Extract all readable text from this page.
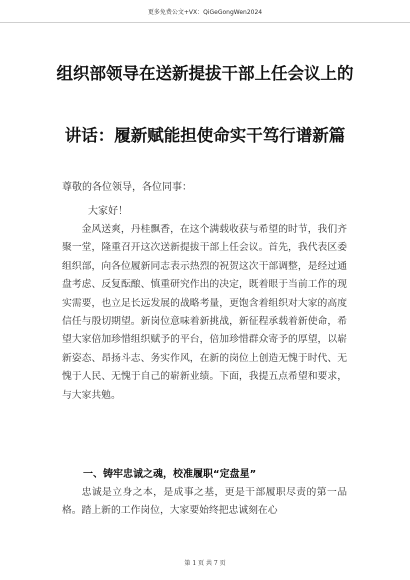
更多免费公文+VX：QiGeGongWen2024
组织部领导在送新提拔干部上任会议上的
讲话：履新赋能担使命实干笃行谱新篇
尊敬的各位领导，各位同事：
大家好！

金风送爽，丹桂飘香，在这个满载收获与希望的时节，我们齐聚一堂，隆重召开这次送新提拔干部上任会议。首先，我代表区委组织部，向各位履新同志表示热烈的祝贺这次干部调整，是经过通盘考虑、反复酝酿、慎重研究作出的决定，既着眼于当前工作的现实需要，也立足长远发展的战略考量，更饱含着组织对大家的高度信任与殷切期望。新岗位意味着新挑战，新征程承载着新使命，希望大家倍加珍惜组织赋予的平台，倍加珍惜群众寄予的厚望，以崭新姿态、昂扬斗志、务实作风，在新的岗位上创造无愧于时代、无愧于人民、无愧于自己的崭新业绩。下面，我提五点希望和要求，与大家共勉。

一、铸牢忠诚之魂，校准履职“定盘星”

忠诚是立身之本，是成事之基，更是干部履职尽责的第一品格。踏上新的工作岗位，大家要始终把忠诚刻在心

第 1 页 共 7 页
